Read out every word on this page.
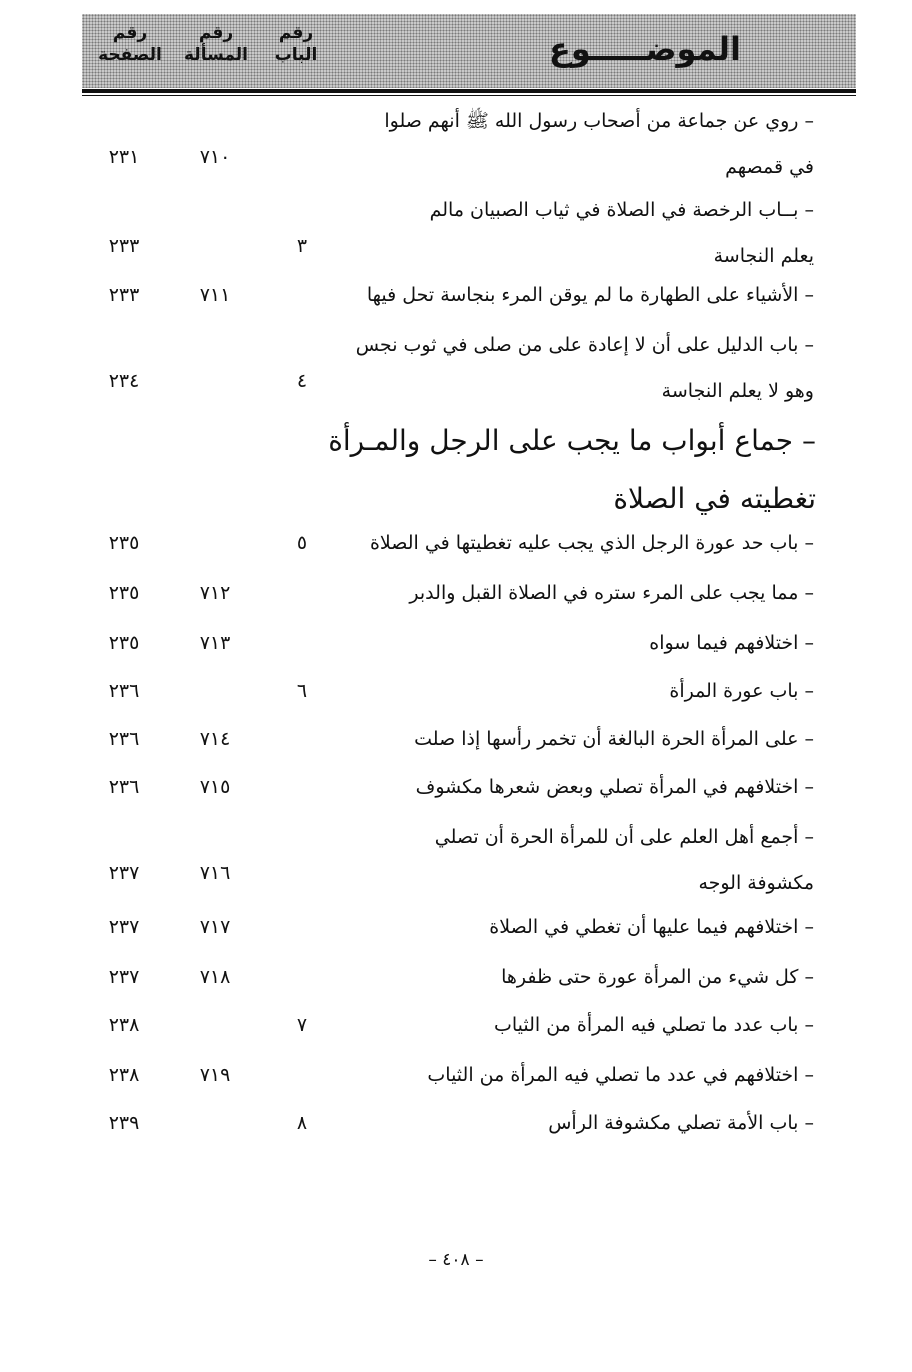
رقم
الباب
رقم
المسألة
رقم
الصفحة	الموضـــــوع
– روي عن جماعة من أصحاب رسول الله ﷺ أنهم صلوا
في قمصهم
٧١٠
٢٣١
– بــاب الرخصة في الصلاة في ثياب الصبيان مالم
يعلم النجاسة
٣
٢٣٣
– الأشياء على الطهارة ما لم يوقن المرء بنجاسة تحل فيها
٧١١
٢٣٣
– باب الدليل على أن لا إعادة على من صلى في ثوب نجس
وهو لا يعلم النجاسة
٤
٢٣٤
– جماع أبواب ما يجب على الرجل والمـرأة
تغطيته في الصلاة
– باب حد عورة الرجل الذي يجب عليه تغطيتها في الصلاة
٥
٢٣٥
– مما يجب على المرء ستره في الصلاة القبل والدبر
٧١٢
٢٣٥
– اختلافهم فيما سواه
٧١٣
٢٣٥
– باب عورة المرأة
٦
٢٣٦
– على المرأة الحرة البالغة أن تخمر رأسها إذا صلت
٧١٤
٢٣٦
– اختلافهم في المرأة تصلي وبعض شعرها مكشوف
٧١٥
٢٣٦
– أجمع أهل العلم على أن للمرأة الحرة أن تصلي
مكشوفة الوجه
٧١٦
٢٣٧
– اختلافهم فيما عليها أن تغطي في الصلاة
٧١٧
٢٣٧
– كل شيء من المرأة عورة حتى ظفرها
٧١٨
٢٣٧
– باب عدد ما تصلي فيه المرأة من الثياب
٧
٢٣٨
– اختلافهم في عدد ما تصلي فيه المرأة من الثياب
٧١٩
٢٣٨
– باب الأمة تصلي مكشوفة الرأس
٨
٢٣٩
– ٤٠٨ –
